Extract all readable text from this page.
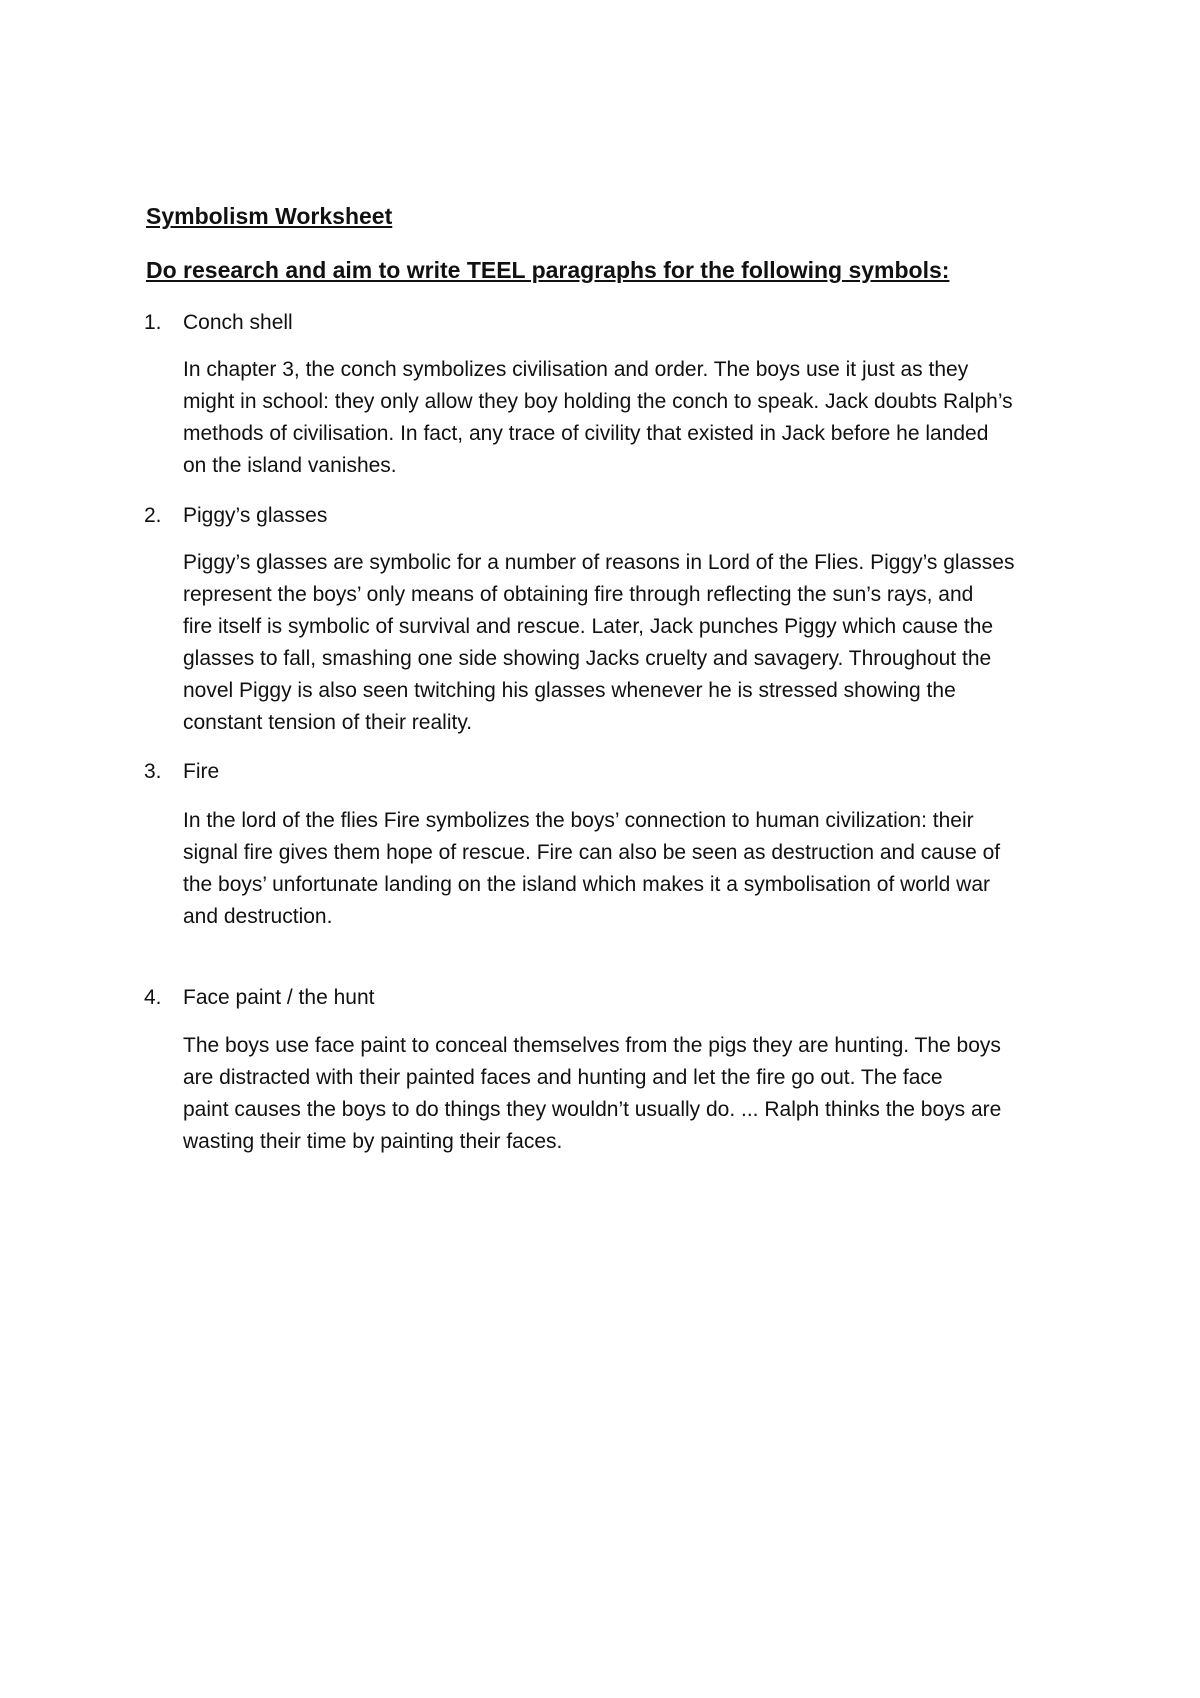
Symbolism Worksheet
Do research and aim to write TEEL paragraphs for the following symbols:
1.	Conch shell
In chapter 3, the conch symbolizes civilisation and order. The boys use it just as they
might in school: they only allow they boy holding the conch to speak. Jack doubts Ralph’s
methods of civilisation. In fact, any trace of civility that existed in Jack before he landed
on the island vanishes.
2.	Piggy’s glasses
Piggy’s glasses are symbolic for a number of reasons in Lord of the Flies. Piggy’s glasses
represent the boys’ only means of obtaining fire through reflecting the sun’s rays, and
fire itself is symbolic of survival and rescue. Later, Jack punches Piggy which cause the
glasses to fall, smashing one side showing Jacks cruelty and savagery. Throughout the
novel Piggy is also seen twitching his glasses whenever he is stressed showing the
constant tension of their reality.
3.	Fire
In the lord of the flies Fire symbolizes the boys’ connection to human civilization: their
signal fire gives them hope of rescue. Fire can also be seen as destruction and cause of
the boys’ unfortunate landing on the island which makes it a symbolisation of world war
and destruction.
4.	Face paint / the hunt
The boys use face paint to conceal themselves from the pigs they are hunting. The boys
are distracted with their painted faces and hunting and let the fire go out. The face
paint causes the boys to do things they wouldn’t usually do. ... Ralph thinks the boys are
wasting their time by painting their faces.
